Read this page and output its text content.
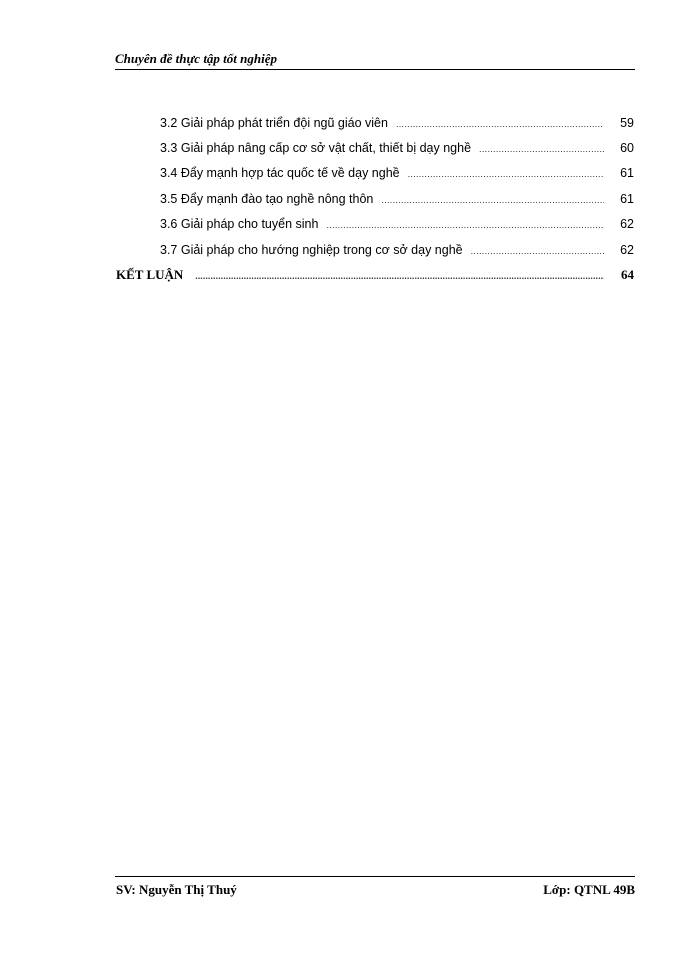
Chuyên đề thực tập tốt nghiệp
3.2 Giải pháp phát triển đội ngũ giáo viên .....	59
3.3 Giải pháp nâng cấp cơ sở vật chất, thiết bị dạy nghề .....	60
3.4 Đẩy mạnh hợp tác quốc tế về dạy nghề .....	61
3.5 Đẩy mạnh đào tạo nghề nông thôn .....	61
3.6 Giải pháp cho tuyển sinh .....	62
3.7 Giải pháp cho hướng nghiệp trong cơ sở dạy nghề .....	62
KẾT LUẬN .....	64
SV: Nguyễn Thị Thuý	Lớp: QTNL 49B
